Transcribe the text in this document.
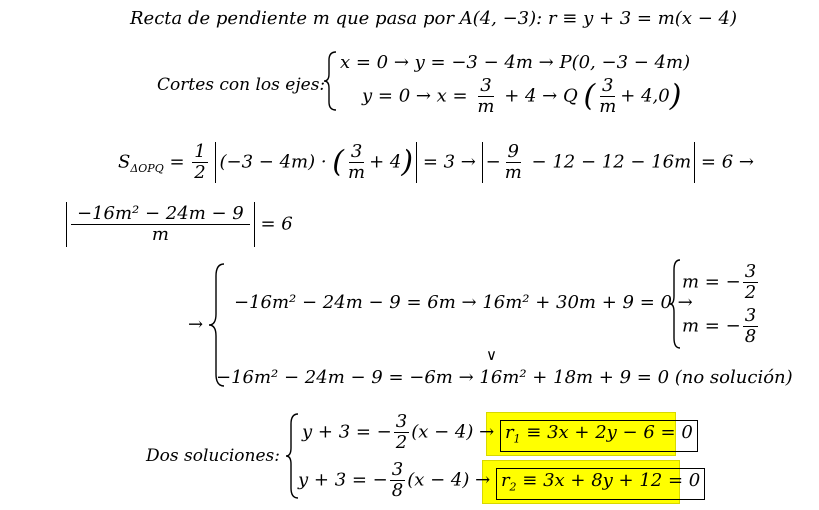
Recta de pendiente m que pasa por A(4, −3): r ≡ y + 3 = m(x − 4)
Cortes con los ejes:
x = 0 → y = −3 − 4m → P(0, −3 − 4m)
$y = 0 \to x = \frac{3}{m} + 4 \to Q$ ( $\frac{3}{m} + 4,0$)
$S_{\Delta OPQ} = \frac{1}{2} (-3 - 4m)$ · ( $\frac{3}{m} + 4) = 3$ → − $\frac{9}{m} - 12 - 12 - 16m = 6$ →
$\frac{\text{−16m² − 24m − 9}}{m} = 6$
→
−16m² − 24m − 9 = 6m → 16m² + 30m + 9 = 0 →
m = − $\frac{3}{2}$
m = − $\frac{3}{8}$
∨
−16m² − 24m − 9 = −6m → 16m² + 18m + 9 = 0 (no solución)
Dos soluciones:
y + 3 = − $\frac{3}{2} (x - 4) \to r_1 \equiv 3x + 2y - 6 = 0$
y + 3 = − $\frac{3}{8} (x - 4) \to r_2 \equiv 3x + 8y + 12 = 0$
